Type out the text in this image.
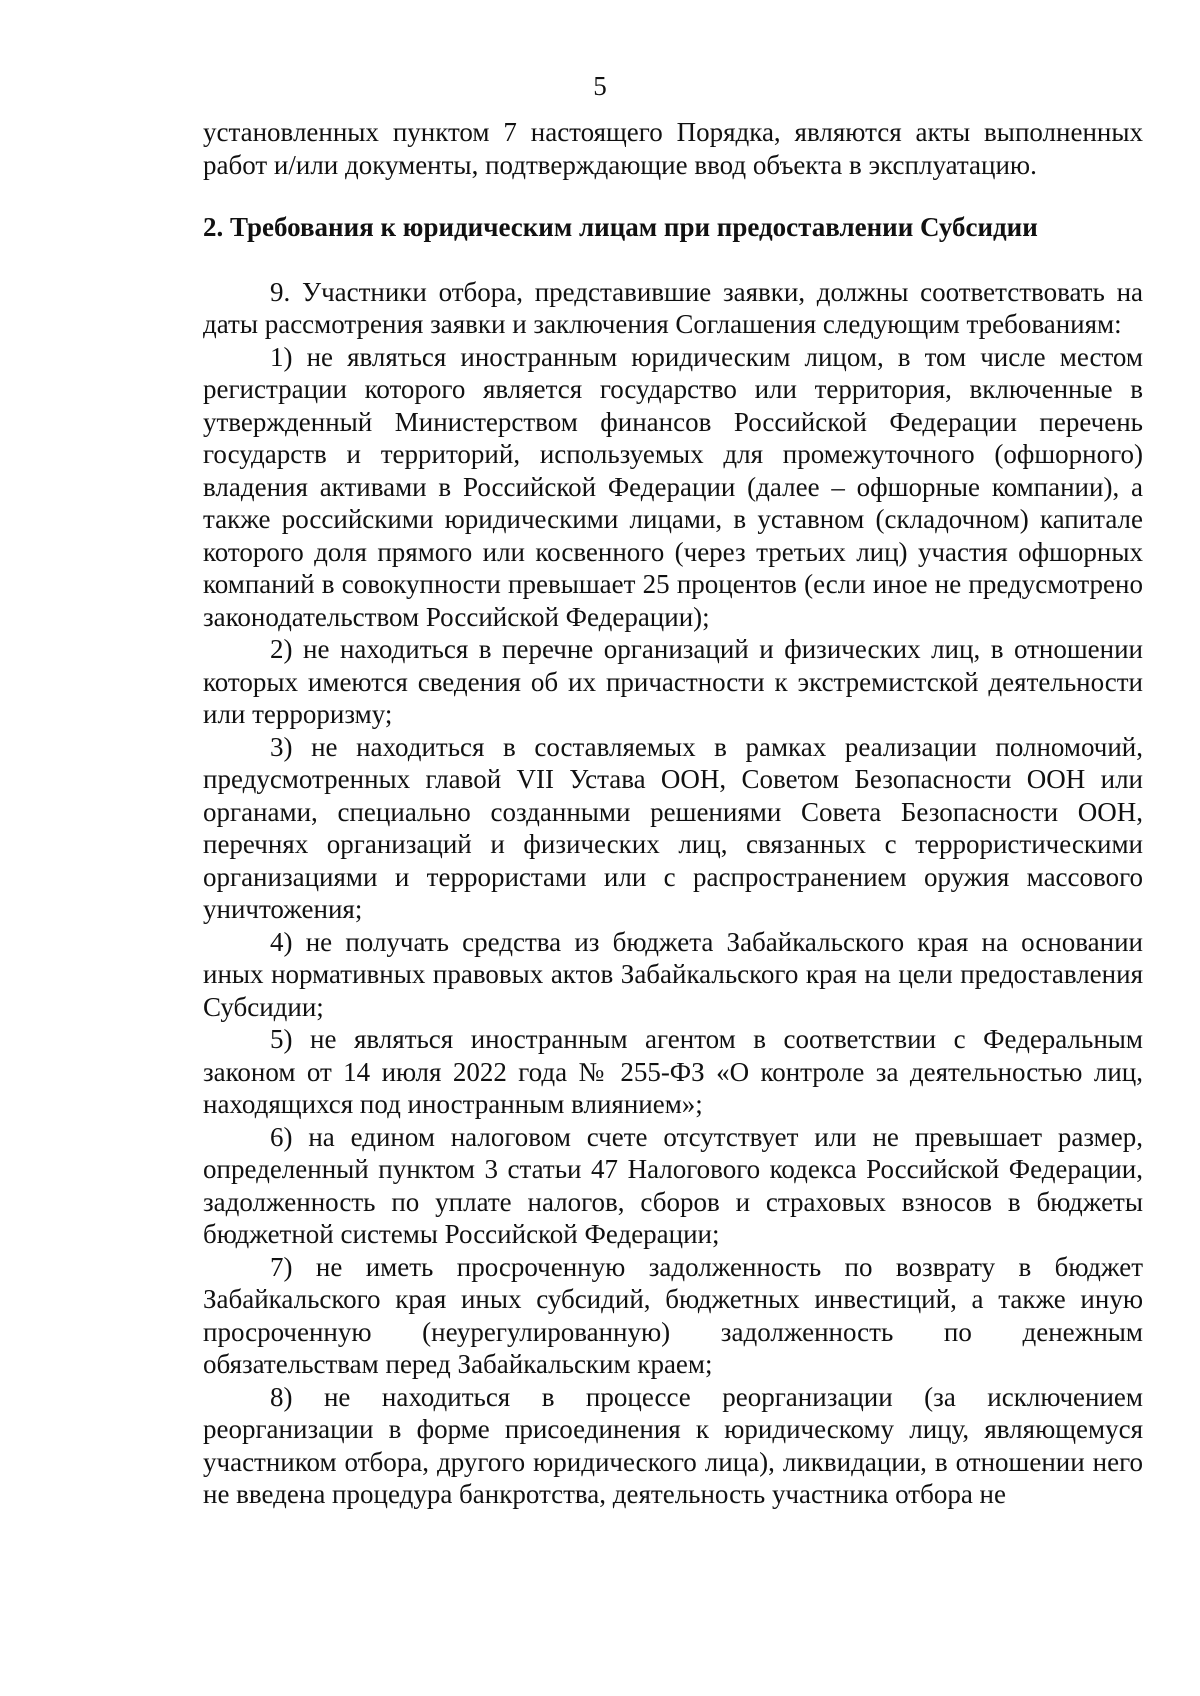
5

установленных пунктом 7 настоящего Порядка, являются акты выполненных работ и/или документы, подтверждающие ввод объекта в эксплуатацию.

2. Требования к юридическим лицам при предоставлении Субсидии

9. Участники отбора, представившие заявки, должны соответствовать на даты рассмотрения заявки и заключения Соглашения следующим требованиям:

1) не являться иностранным юридическим лицом, в том числе местом регистрации которого является государство или территория, включенные в утвержденный Министерством финансов Российской Федерации перечень государств и территорий, используемых для промежуточного (офшорного) владения активами в Российской Федерации (далее – офшорные компании), а также российскими юридическими лицами, в уставном (складочном) капитале которого доля прямого или косвенного (через третьих лиц) участия офшорных компаний в совокупности превышает 25 процентов (если иное не предусмотрено законодательством Российской Федерации);

2) не находиться в перечне организаций и физических лиц, в отношении которых имеются сведения об их причастности к экстремистской деятельности или терроризму;

3) не находиться в составляемых в рамках реализации полномочий, предусмотренных главой VII Устава ООН, Советом Безопасности ООН или органами, специально созданными решениями Совета Безопасности ООН, перечнях организаций и физических лиц, связанных с террористическими организациями и террористами или с распространением оружия массового уничтожения;

4) не получать средства из бюджета Забайкальского края на основании иных нормативных правовых актов Забайкальского края на цели предоставления Субсидии;

5) не являться иностранным агентом в соответствии с Федеральным законом от 14 июля 2022 года № 255-ФЗ «О контроле за деятельностью лиц, находящихся под иностранным влиянием»;

6) на едином налоговом счете отсутствует или не превышает размер, определенный пунктом 3 статьи 47 Налогового кодекса Российской Федерации, задолженность по уплате налогов, сборов и страховых взносов в бюджеты бюджетной системы Российской Федерации;

7) не иметь просроченную задолженность по возврату в бюджет Забайкальского края иных субсидий, бюджетных инвестиций, а также иную просроченную (неурегулированную) задолженность по денежным обязательствам перед Забайкальским краем;

8) не находиться в процессе реорганизации (за исключением реорганизации в форме присоединения к юридическому лицу, являющемуся участником отбора, другого юридического лица), ликвидации, в отношении него не введена процедура банкротства, деятельность участника отбора не
